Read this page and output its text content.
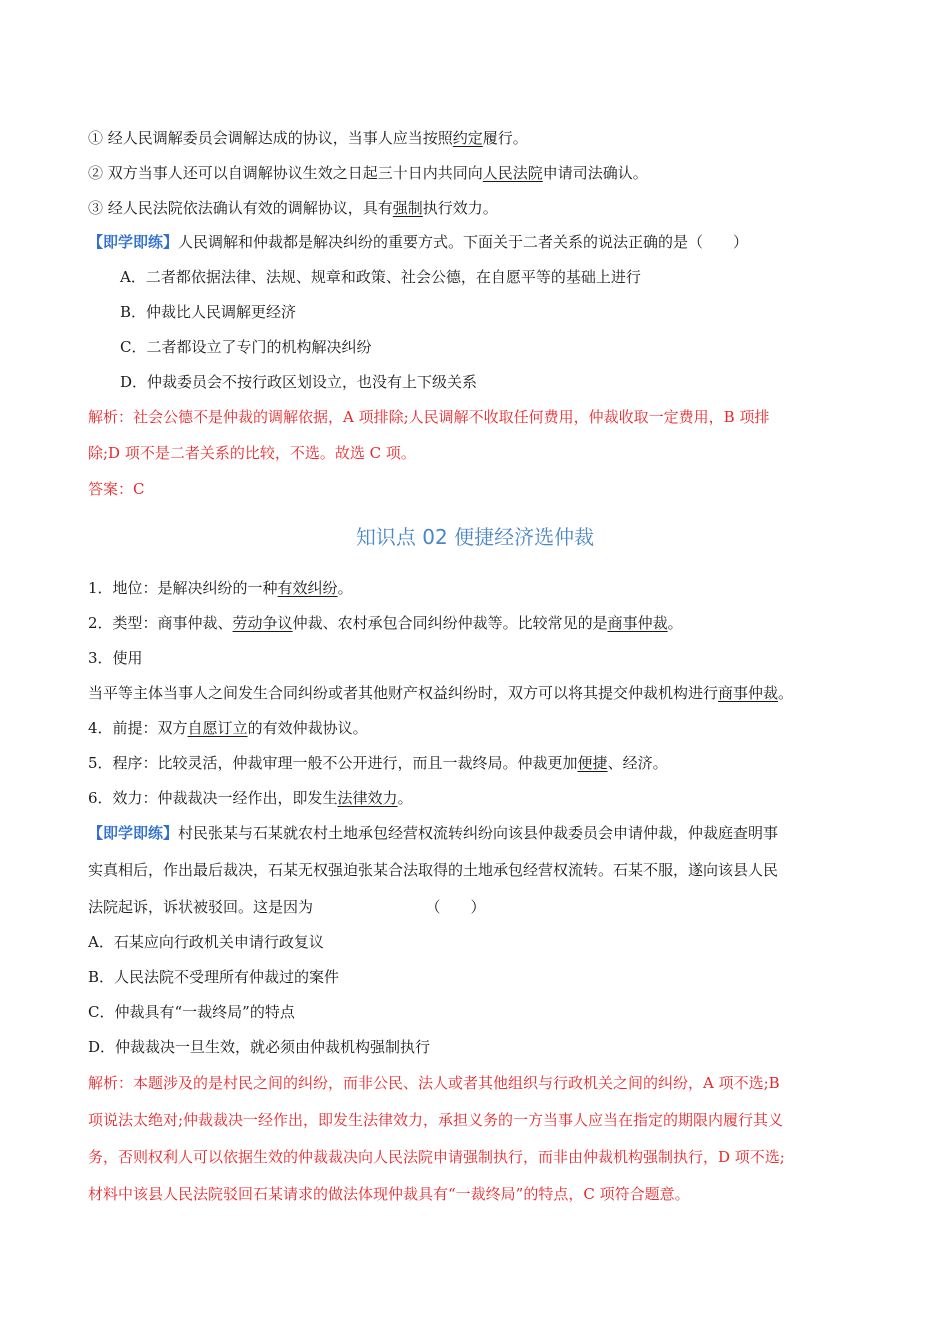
① 经人民调解委员会调解达成的协议，当事人应当按照约定履行。
② 双方当事人还可以自调解协议生效之日起三十日内共同向人民法院申请司法确认。
③ 经人民法院依法确认有效的调解协议，具有强制执行效力。
【即学即练】人民调解和仲裁都是解决纠纷的重要方式。下面关于二者关系的说法正确的是（　　）
A．二者都依据法律、法规、规章和政策、社会公德，在自愿平等的基础上进行
B．仲裁比人民调解更经济
C．二者都设立了专门的机构解决纠纷
D．仲裁委员会不按行政区划设立，也没有上下级关系
解析：社会公德不是仲裁的调解依据，A 项排除;人民调解不收取任何费用，仲裁收取一定费用，B 项排
除;D 项不是二者关系的比较，不选。故选 C 项。
答案：C
知识点 02 便捷经济选仲裁
1．地位：是解决纠纷的一种有效纠纷。
2．类型：商事仲裁、劳动争议仲裁、农村承包合同纠纷仲裁等。比较常见的是商事仲裁。
3．使用
当平等主体当事人之间发生合同纠纷或者其他财产权益纠纷时，双方可以将其提交仲裁机构进行商事仲裁。
4．前提：双方自愿订立的有效仲裁协议。
5．程序：比较灵活，仲裁审理一般不公开进行，而且一裁终局。仲裁更加便捷、经济。
6．效力：仲裁裁决一经作出，即发生法律效力。
【即学即练】村民张某与石某就农村土地承包经营权流转纠纷向该县仲裁委员会申请仲裁，仲裁庭查明事
实真相后，作出最后裁决，石某无权强迫张某合法取得的土地承包经营权流转。石某不服，遂向该县人民
法院起诉，诉状被驳回。这是因为　　　　　　　　（　　）
A．石某应向行政机关申请行政复议
B．人民法院不受理所有仲裁过的案件
C．仲裁具有“一裁终局”的特点
D．仲裁裁决一旦生效，就必须由仲裁机构强制执行
解析：本题涉及的是村民之间的纠纷，而非公民、法人或者其他组织与行政机关之间的纠纷，A 项不选;B
项说法太绝对;仲裁裁决一经作出，即发生法律效力，承担义务的一方当事人应当在指定的期限内履行其义
务，否则权利人可以依据生效的仲裁裁决向人民法院申请强制执行，而非由仲裁机构强制执行，D 项不选;
材料中该县人民法院驳回石某请求的做法体现仲裁具有“一裁终局”的特点，C 项符合题意。
